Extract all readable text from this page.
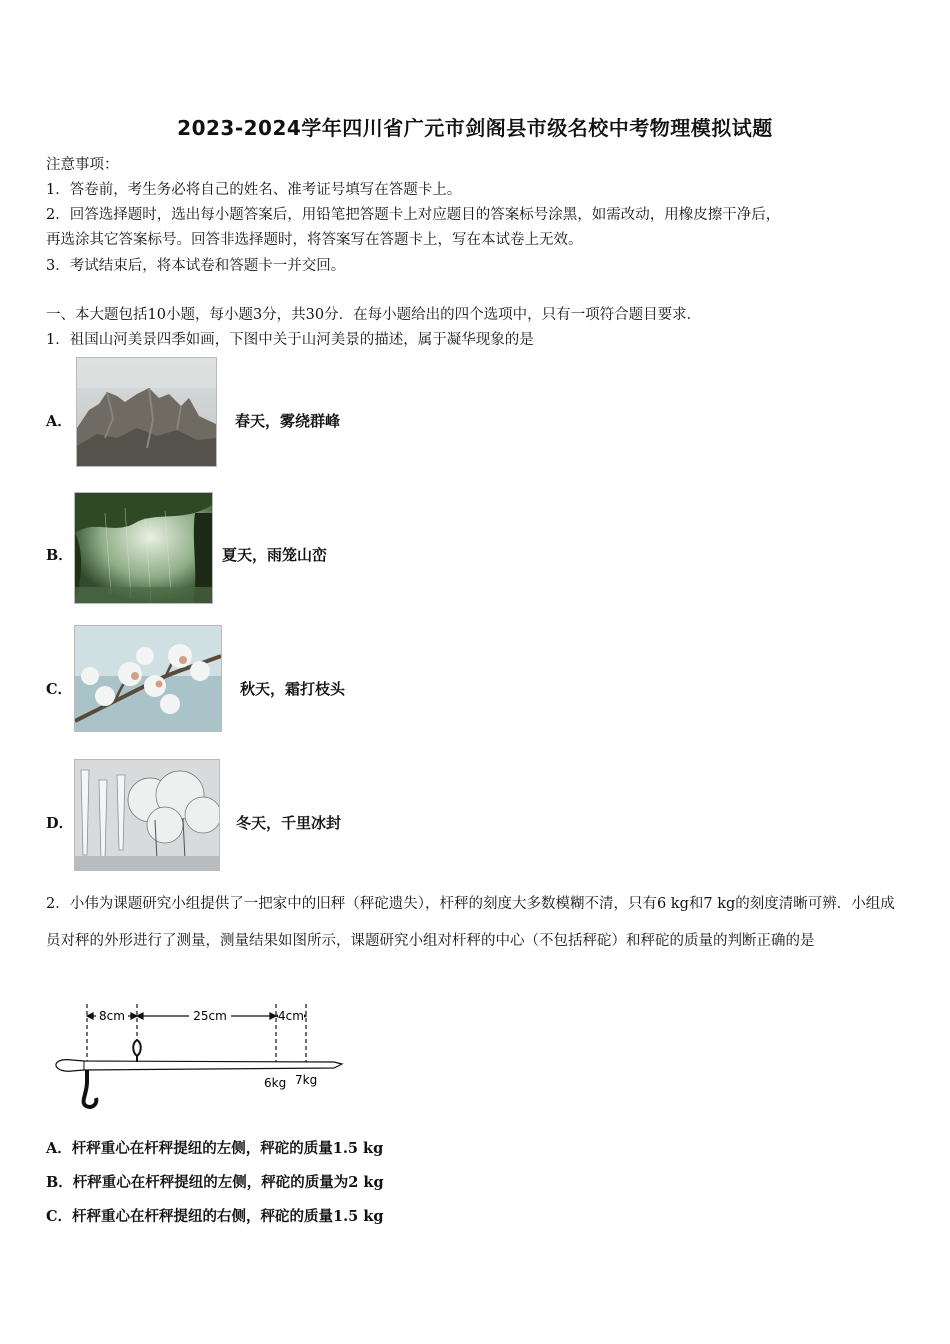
2023-2024学年四川省广元市剑阁县市级名校中考物理模拟试题
注意事项：
1．答卷前，考生务必将自己的姓名、准考证号填写在答题卡上。
2．回答选择题时，选出每小题答案后，用铅笔把答题卡上对应题目的答案标号涂黑，如需改动，用橡皮擦干净后，
再选涂其它答案标号。回答非选择题时，将答案写在答题卡上，写在本试卷上无效。
3．考试结束后，将本试卷和答题卡一并交回。
一、本大题包括10小题，每小题3分，共30分．在每小题给出的四个选项中，只有一项符合题目要求．
1．祖国山河美景四季如画，下图中关于山河美景的描述，属于凝华现象的是
A．	春天，雾绕群峰
B．	夏天，雨笼山峦
C．	秋天，霜打枝头
D．	冬天，千里冰封
2．小伟为课题研究小组提供了一把家中的旧秤（秤砣遗失），杆秤的刻度大多数模糊不清，只有6 kg和7 kg的刻度清晰可辨．小组成员对秤的外形进行了测量，测量结果如图所示，课题研究小组对杆秤的中心（不包括秤砣）和秤砣的质量的判断正确的是
8cm	25cm	4cm
6kg 7kg
A．杆秤重心在杆秤提纽的左侧，秤砣的质量1.5 kg
B．杆秤重心在杆秤提纽的左侧，秤砣的质量为2 kg
C．杆秤重心在杆秤提纽的右侧，秤砣的质量1.5 kg
